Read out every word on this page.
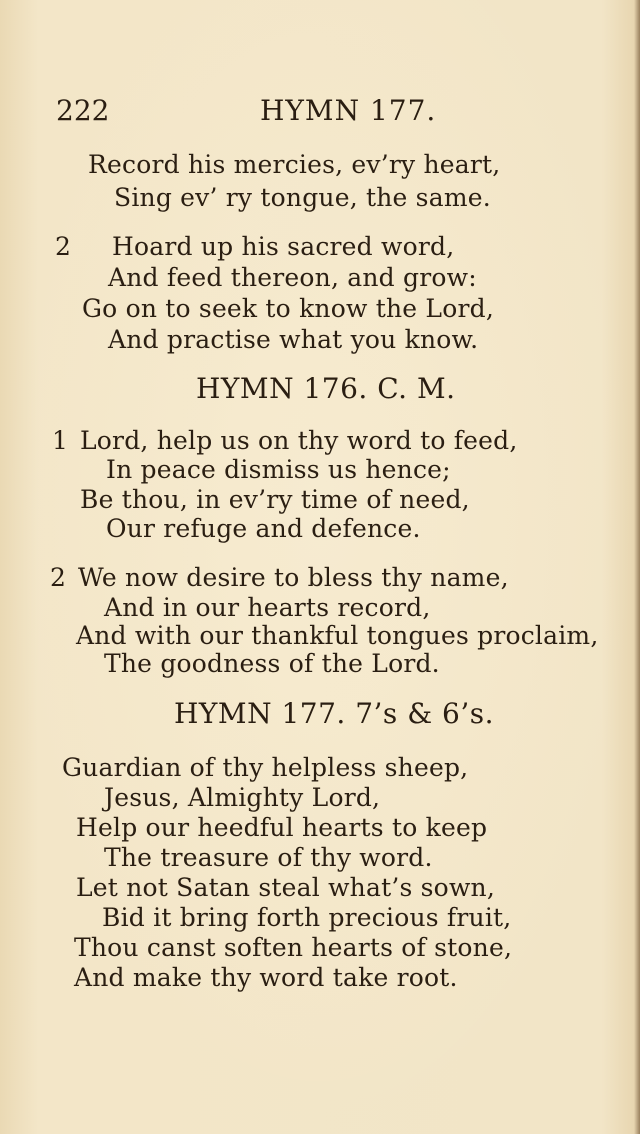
222	HYMN 177.
Record his mercies, ev’ry heart,
Sing ev’ ry tongue, the same.
2 Hoard up his sacred word,
And feed thereon, and grow:
Go on to seek to know the Lord,
And practise what you know.
HYMN 176. C. M.
1 Lord, help us on thy word to feed,
In peace dismiss us hence;
Be thou, in ev’ry time of need,
Our refuge and defence.
2 We now desire to bless thy name,
And in our hearts record,
And with our thankful tongues proclaim,
The goodness of the Lord.
HYMN 177. 7’s & 6’s.
Guardian of thy helpless sheep,
Jesus, Almighty Lord,
Help our heedful hearts to keep
The treasure of thy word.
Let not Satan steal what’s sown,
Bid it bring forth precious fruit,
Thou canst soften hearts of stone,
And make thy word take root.
